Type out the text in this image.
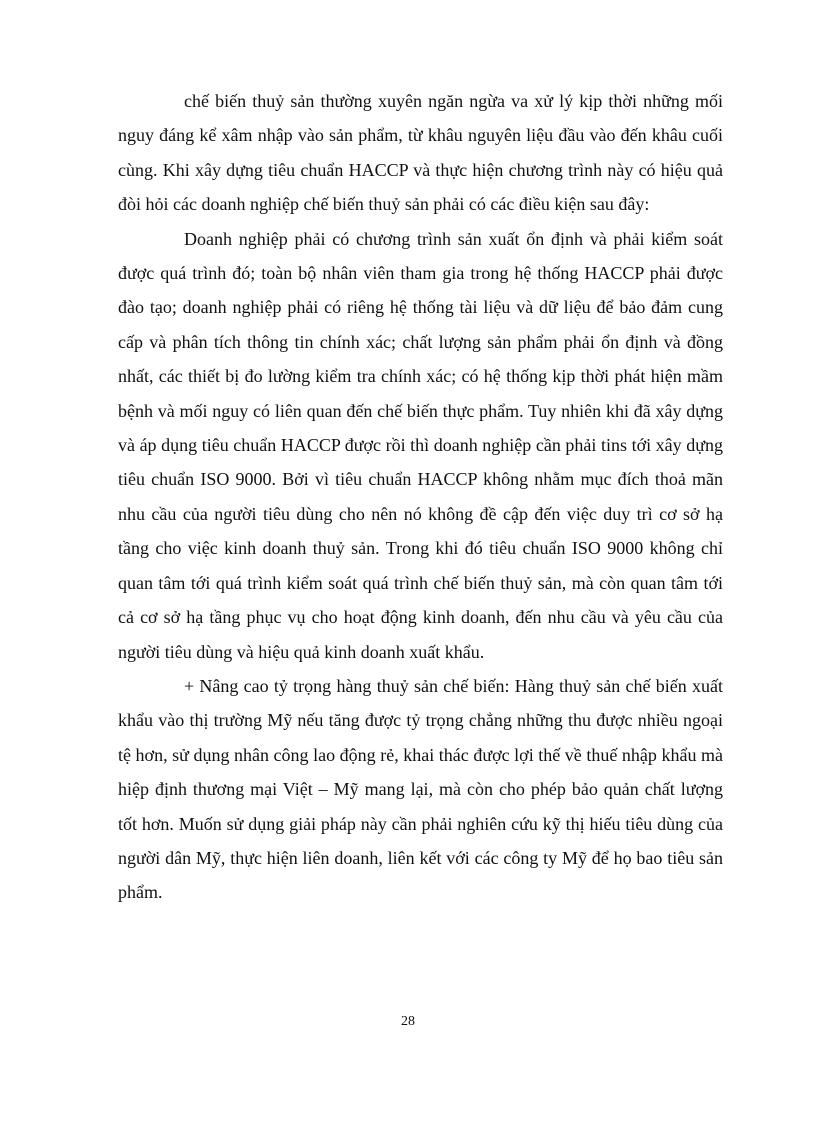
chế biến thuỷ sản thường xuyên ngăn ngừa va xử lý kịp thời những mối nguy đáng kể xâm nhập vào sản phẩm, từ khâu nguyên liệu đầu vào đến khâu cuối cùng. Khi xây dựng tiêu chuẩn HACCP và thực hiện chương trình này có hiệu quả đòi hỏi các doanh nghiệp chế biến thuỷ sản phải có các điều kiện sau đây:

Doanh nghiệp phải có chương trình sản xuất ổn định và phải kiểm soát được quá trình đó; toàn bộ nhân viên tham gia trong hệ thống HACCP phải được đào tạo; doanh nghiệp phải có riêng hệ thống tài liệu và dữ liệu để bảo đảm cung cấp và phân tích thông tin chính xác; chất lượng sản phẩm phải ổn định và đồng nhất, các thiết bị đo lường kiểm tra chính xác; có hệ thống kịp thời phát hiện mầm bệnh và mối nguy có liên quan đến chế biến thực phẩm. Tuy nhiên khi đã xây dựng và áp dụng tiêu chuẩn HACCP được rồi thì doanh nghiệp cần phải tins tới xây dựng tiêu chuẩn ISO 9000. Bởi vì tiêu chuẩn HACCP không nhằm mục đích thoả mãn nhu cầu của người tiêu dùng cho nên nó không đề cập đến việc duy trì cơ sở hạ tầng cho việc kinh doanh thuỷ sản. Trong khi đó tiêu chuẩn ISO 9000 không chỉ quan tâm tới quá trình kiểm soát quá trình chế biến thuỷ sản, mà còn quan tâm tới cả cơ sở hạ tầng phục vụ cho hoạt động kinh doanh, đến nhu cầu và yêu cầu của người tiêu dùng và hiệu quả kinh doanh xuất khẩu.

+ Nâng cao tỷ trọng hàng thuỷ sản chế biến: Hàng thuỷ sản chế biến xuất khẩu vào thị trường Mỹ nếu tăng được tỷ trọng chẳng những thu được nhiều ngoại tệ hơn, sử dụng nhân công lao động rẻ, khai thác được lợi thế về thuế nhập khẩu mà hiệp định thương mại Việt – Mỹ mang lại, mà còn cho phép bảo quản chất lượng tốt hơn. Muốn sử dụng giải pháp này cần phải nghiên cứu kỹ thị hiếu tiêu dùng của người dân Mỹ, thực hiện liên doanh, liên kết với các công ty Mỹ để họ bao tiêu sản phẩm.

28
